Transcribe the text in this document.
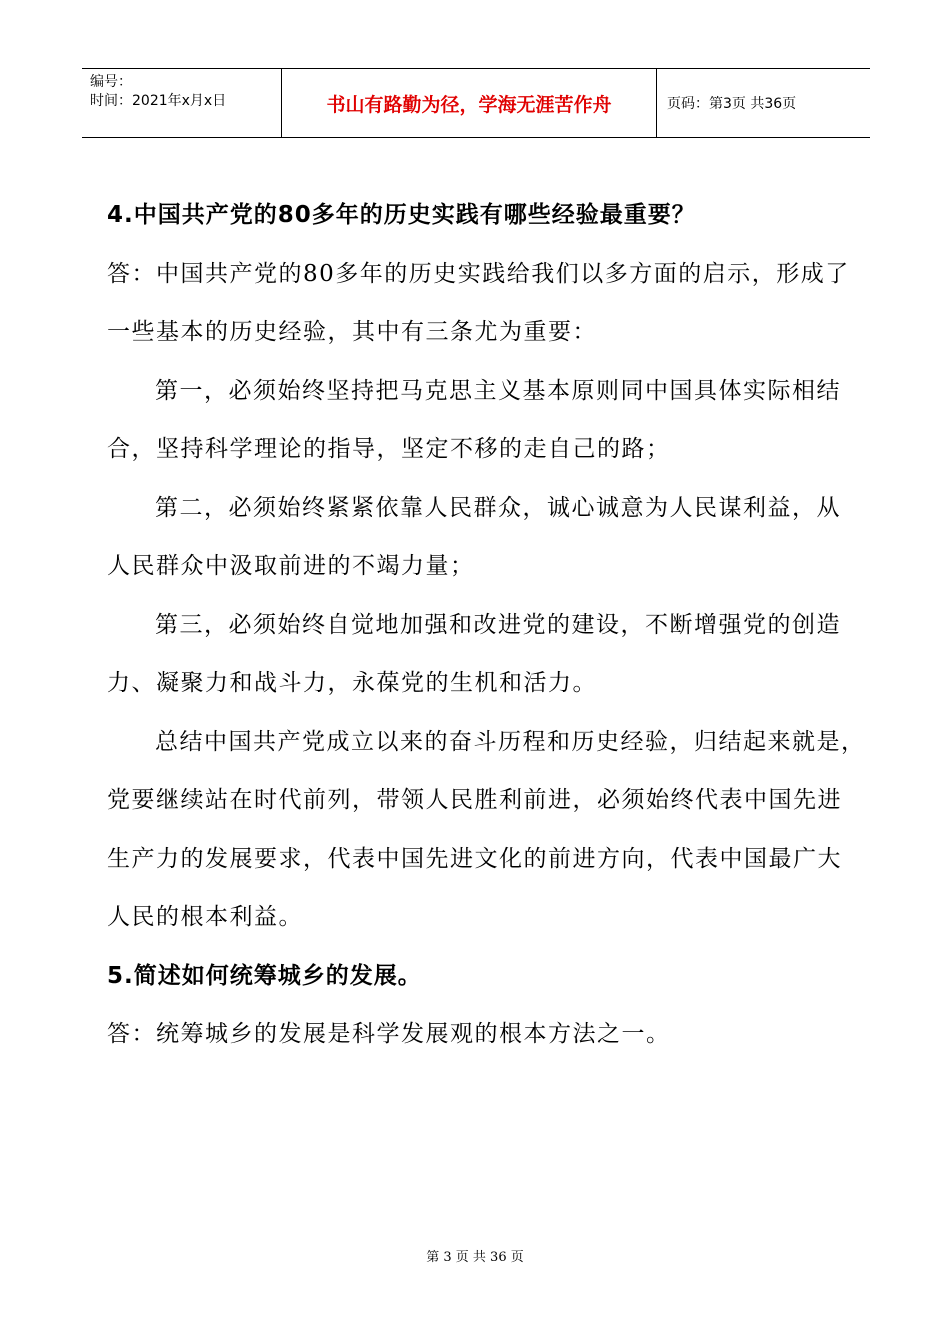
编号：
时间：2021年x月x日	书山有路勤为径，学海无涯苦作舟	页码：第3页 共36页
4.中国共产党的80多年的历史实践有哪些经验最重要？
答：中国共产党的80多年的历史实践给我们以多方面的启示，形成了
一些基本的历史经验，其中有三条尤为重要：
第一，必须始终坚持把马克思主义基本原则同中国具体实际相结
合，坚持科学理论的指导，坚定不移的走自己的路；
第二，必须始终紧紧依靠人民群众，诚心诚意为人民谋利益，从
人民群众中汲取前进的不竭力量；
第三，必须始终自觉地加强和改进党的建设，不断增强党的创造
力、凝聚力和战斗力，永葆党的生机和活力。
总结中国共产党成立以来的奋斗历程和历史经验，归结起来就是，
党要继续站在时代前列，带领人民胜利前进，必须始终代表中国先进
生产力的发展要求，代表中国先进文化的前进方向，代表中国最广大
人民的根本利益。
5.简述如何统筹城乡的发展。
答：统筹城乡的发展是科学发展观的根本方法之一。
第 3 页 共 36 页
